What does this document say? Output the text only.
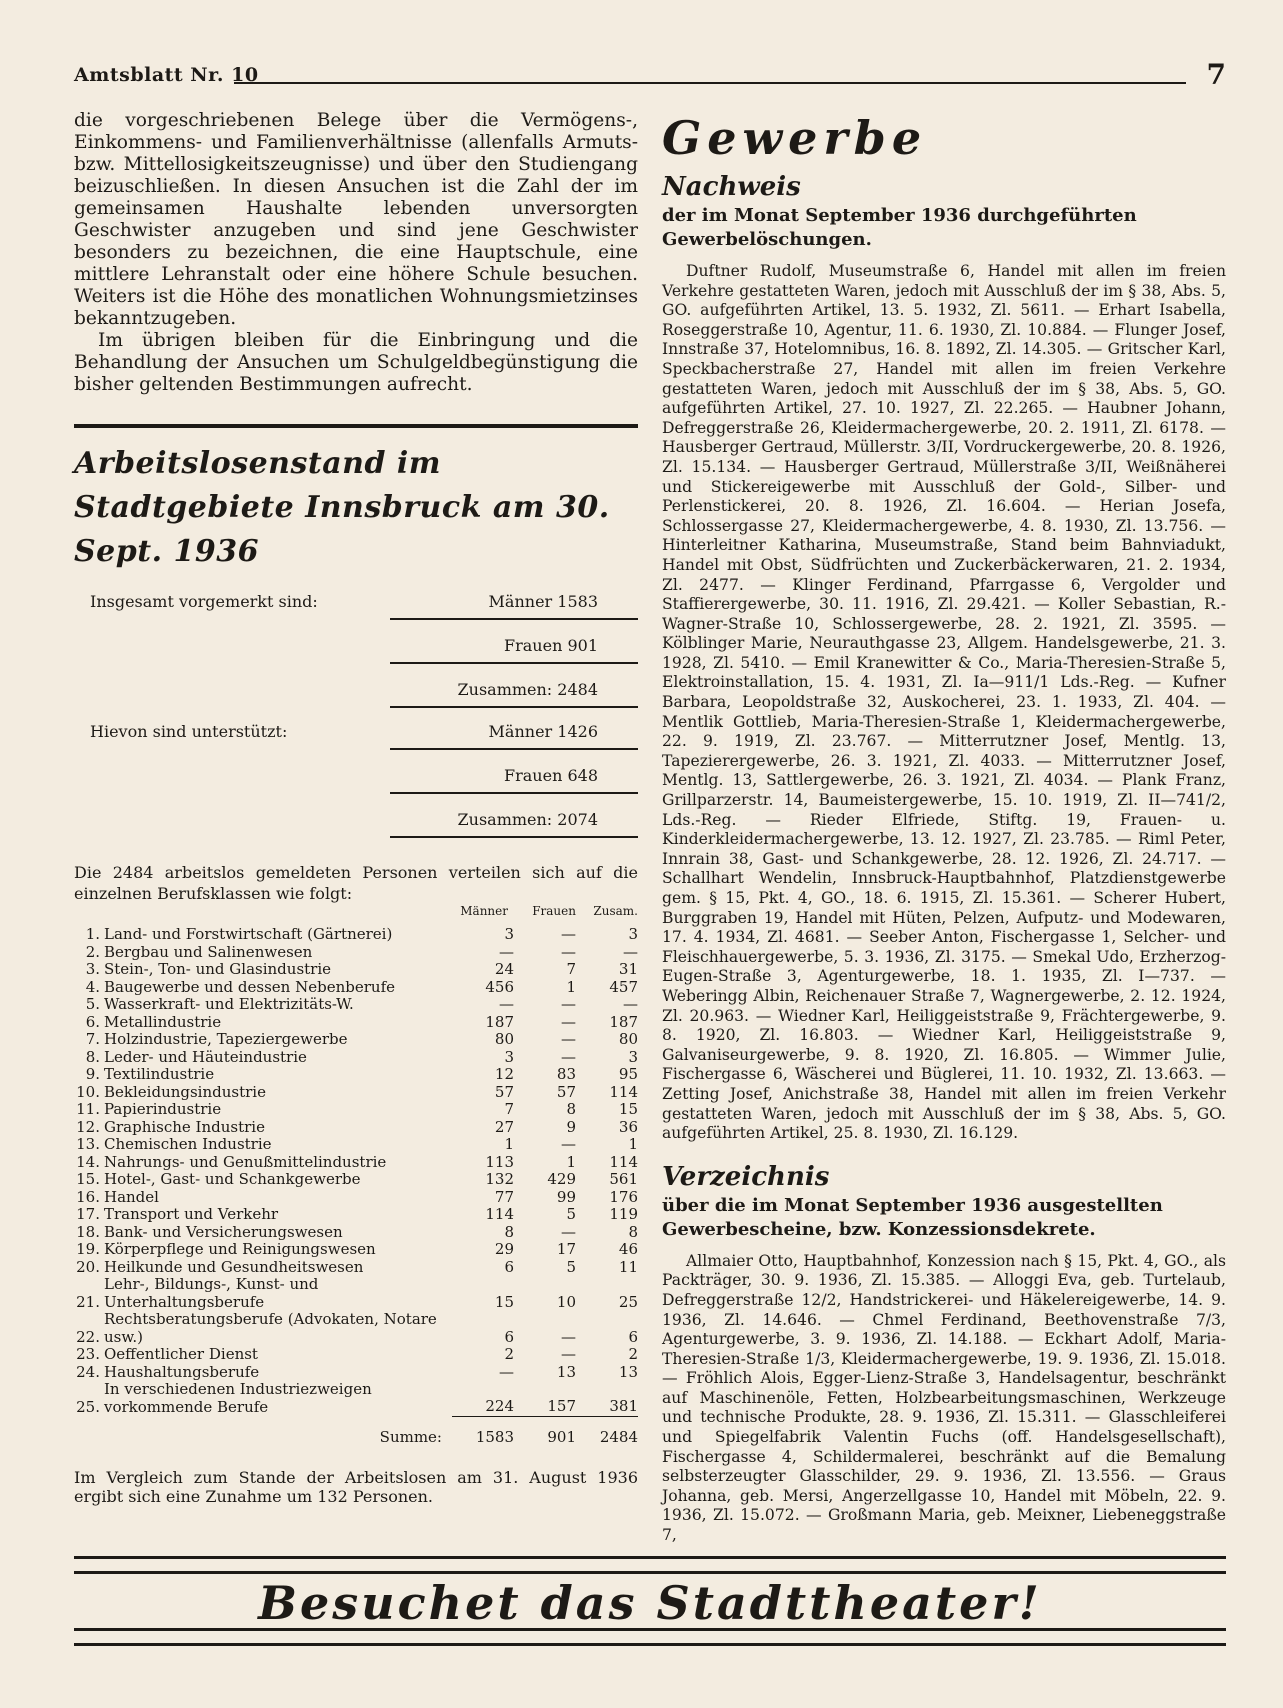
Amtsblatt Nr. 10	7

die vorgeschriebenen Belege über die Vermögens-, Einkommens- und Familienverhältnisse (allenfalls Armuts- bzw. Mittellosigkeitszeugnisse) und über den Studiengang beizuschließen. In diesen Ansuchen ist die Zahl der im gemeinsamen Haushalte lebenden unversorgten Geschwister anzugeben und sind jene Geschwister besonders zu bezeichnen, die eine Hauptschule, eine mittlere Lehranstalt oder eine höhere Schule besuchen. Weiters ist die Höhe des monatlichen Wohnungsmietzinses bekanntzugeben.

Im übrigen bleiben für die Einbringung und die Behandlung der Ansuchen um Schulgeldbegünstigung die bisher geltenden Bestimmungen aufrecht.

Arbeitslosenstand im

Stadtgebiete Innsbruck am 30. Sept. 1936

Insgesamt vorgemerkt sind:	Männer 1583
Frauen 901
Zusammen: 2484
Hievon sind unterstützt:	Männer 1426
Frauen 648
Zusammen: 2074

Die 2484 arbeitslos gemeldeten Personen verteilen sich auf die einzelnen Berufsklassen wie folgt:

Männer Frauen Zusam.
1.	Land- und Forstwirtschaft (Gärtnerei)	3	—	3
2.	Bergbau und Salinenwesen	—	—	—
3.	Stein-, Ton- und Glasindustrie	24	7	31
4.	Baugewerbe und dessen Nebenberufe	456	1	457
5.	Wasserkraft- und Elektrizitäts-W.	—	—	—
6.	Metallindustrie	187	—	187
7.	Holzindustrie, Tapeziergewerbe	80	—	80
8.	Leder- und Häuteindustrie	3	—	3
9.	Textilindustrie	12	83	95
10.	Bekleidungsindustrie	57	57	114
11.	Papierindustrie	7	8	15
12.	Graphische Industrie	27	9	36
13.	Chemischen Industrie	1	—	1
14.	Nahrungs- und Genußmittelindustrie	113	1	114
15.	Hotel-, Gast- und Schankgewerbe	132	429	561
16.	Handel	77	99	176
17.	Transport und Verkehr	114	5	119
18.	Bank- und Versicherungswesen	8	—	8
19.	Körperpflege und Reinigungswesen	29	17	46
20.	Heilkunde und Gesundheitswesen	6	5	11
21.	Lehr-, Bildungs-, Kunst- und Unterhaltungsberufe	15	10	25
22.	Rechtsberatungsberufe (Advokaten, Notare usw.)	6	—	6
23.	Oeffentlicher Dienst	2	—	2
24.	Haushaltungsberufe	—	13	13
25.	In verschiedenen Industriezweigen vorkommende Berufe	224	157	381
	Summe:	1583	901	2484

Im Vergleich zum Stande der Arbeitslosen am 31. August 1936 ergibt sich eine Zunahme um 132 Personen.

Gewerbe

Nachweis

der im Monat September 1936 durchgeführten Gewerbelöschungen.

Duftner Rudolf, Museumstraße 6, Handel mit allen im freien Verkehre gestatteten Waren, jedoch mit Ausschluß der im § 38, Abs. 5, GO. aufgeführten Artikel, 13. 5. 1932, Zl. 5611. — Erhart Isabella, Roseggerstraße 10, Agentur, 11. 6. 1930, Zl. 10.884. — Flunger Josef, Innstraße 37, Hotelomnibus, 16. 8. 1892, Zl. 14.305. — Gritscher Karl, Speckbacherstraße 27, Handel mit allen im freien Verkehre gestatteten Waren, jedoch mit Ausschluß der im § 38, Abs. 5, GO. aufgeführten Artikel, 27. 10. 1927, Zl. 22.265. — Haubner Johann, Defreggerstraße 26, Kleidermachergewerbe, 20. 2. 1911, Zl. 6178. — Hausberger Gertraud, Müllerstr. 3/II, Vordruckergewerbe, 20. 8. 1926, Zl. 15.134. — Hausberger Gertraud, Müllerstraße 3/II, Weißnäherei und Stickereigewerbe mit Ausschluß der Gold-, Silber- und Perlenstickerei, 20. 8. 1926, Zl. 16.604. — Herian Josefa, Schlossergasse 27, Kleidermachergewerbe, 4. 8. 1930, Zl. 13.756. — Hinterleitner Katharina, Museumstraße, Stand beim Bahnviadukt, Handel mit Obst, Südfrüchten und Zuckerbäckerwaren, 21. 2. 1934, Zl. 2477. — Klinger Ferdinand, Pfarrgasse 6, Vergolder und Staffierergewerbe, 30. 11. 1916, Zl. 29.421. — Koller Sebastian, R.-Wagner-Straße 10, Schlossergewerbe, 28. 2. 1921, Zl. 3595. — Kölblinger Marie, Neurauthgasse 23, Allgem. Handelsgewerbe, 21. 3. 1928, Zl. 5410. — Emil Kranewitter & Co., Maria-Theresien-Straße 5, Elektroinstallation, 15. 4. 1931, Zl. Ia—911/1 Lds.-Reg. — Kufner Barbara, Leopoldstraße 32, Auskocherei, 23. 1. 1933, Zl. 404. — Mentlik Gottlieb, Maria-Theresien-Straße 1, Kleidermachergewerbe, 22. 9. 1919, Zl. 23.767. — Mitterrutzner Josef, Mentlg. 13, Tapezierergewerbe, 26. 3. 1921, Zl. 4033. — Mitterrutzner Josef, Mentlg. 13, Sattlergewerbe, 26. 3. 1921, Zl. 4034. — Plank Franz, Grillparzerstr. 14, Baumeistergewerbe, 15. 10. 1919, Zl. II—741/2, Lds.-Reg. — Rieder Elfriede, Stiftg. 19, Frauen- u. Kinderkleidermachergewerbe, 13. 12. 1927, Zl. 23.785. — Riml Peter, Innrain 38, Gast- und Schankgewerbe, 28. 12. 1926, Zl. 24.717. — Schallhart Wendelin, Innsbruck-Hauptbahnhof, Platzdienstgewerbe gem. § 15, Pkt. 4, GO., 18. 6. 1915, Zl. 15.361. — Scherer Hubert, Burggraben 19, Handel mit Hüten, Pelzen, Aufputz- und Modewaren, 17. 4. 1934, Zl. 4681. — Seeber Anton, Fischergasse 1, Selcher- und Fleischhauergewerbe, 5. 3. 1936, Zl. 3175. — Smekal Udo, Erzherzog-Eugen-Straße 3, Agenturgewerbe, 18. 1. 1935, Zl. I—737. — Weberingg Albin, Reichenauer Straße 7, Wagnergewerbe, 2. 12. 1924, Zl. 20.963. — Wiedner Karl, Heiliggeiststraße 9, Frächtergewerbe, 9. 8. 1920, Zl. 16.803. — Wiedner Karl, Heiliggeiststraße 9, Galvaniseurgewerbe, 9. 8. 1920, Zl. 16.805. — Wimmer Julie, Fischergasse 6, Wäscherei und Büglerei, 11. 10. 1932, Zl. 13.663. — Zetting Josef, Anichstraße 38, Handel mit allen im freien Verkehr gestatteten Waren, jedoch mit Ausschluß der im § 38, Abs. 5, GO. aufgeführten Artikel, 25. 8. 1930, Zl. 16.129.

Verzeichnis

über die im Monat September 1936 ausgestellten Gewerbescheine, bzw. Konzessionsdekrete.

Allmaier Otto, Hauptbahnhof, Konzession nach § 15, Pkt. 4, GO., als Packträger, 30. 9. 1936, Zl. 15.385. — Alloggi Eva, geb. Turtelaub, Defreggerstraße 12/2, Handstrickerei- und Häkelereigewerbe, 14. 9. 1936, Zl. 14.646. — Chmel Ferdinand, Beethovenstraße 7/3, Agenturgewerbe, 3. 9. 1936, Zl. 14.188. — Eckhart Adolf, Maria-Theresien-Straße 1/3, Kleidermachergewerbe, 19. 9. 1936, Zl. 15.018. — Fröhlich Alois, Egger-Lienz-Straße 3, Handelsagentur, beschränkt auf Maschinenöle, Fetten, Holzbearbeitungsmaschinen, Werkzeuge und technische Produkte, 28. 9. 1936, Zl. 15.311. — Glasschleiferei und Spiegelfabrik Valentin Fuchs (off. Handelsgesellschaft), Fischergasse 4, Schildermalerei, beschränkt auf die Bemalung selbsterzeugter Glasschilder, 29. 9. 1936, Zl. 13.556. — Graus Johanna, geb. Mersi, Angerzellgasse 10, Handel mit Möbeln, 22. 9. 1936, Zl. 15.072. — Großmann Maria, geb. Meixner, Liebeneggstraße 7,

Besuchet das Stadttheater!
